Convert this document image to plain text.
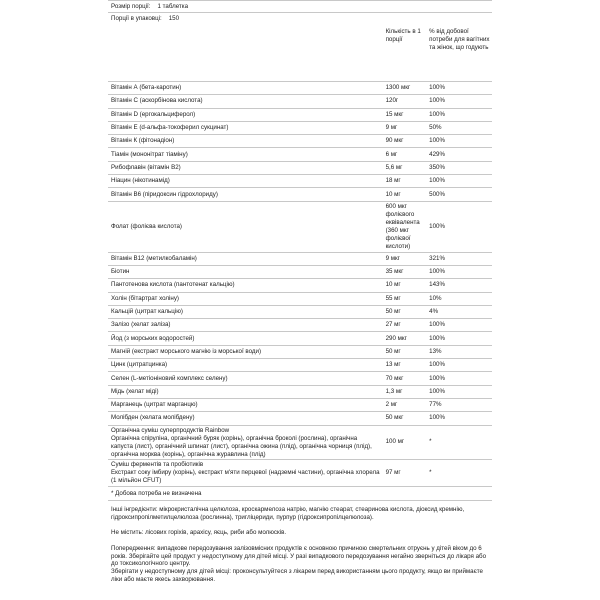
Розмір порції: 1 таблетка
Порції в упаковці: 150
	Кількість в 1 порції	% від добової потреби для вагітних та жінок, що годують
Вітамін А (бета-каротин)	1300 мкг	100%
Вітамін С (аскорбінова кислота)	120г	100%
Вітамін D (ергокальциферол)	15 мкг	100%
Вітамін Е (d-альфа-токоферил сукцинат)	9 мг	50%
Вітамін К (фітонадіон)	90 мкг	100%
Тіамін (мононітрат тіаміну)	6 мг	429%
Рибофлавін (вітамін В2)	5,6 мг	350%
Ніацин (нікотинамід)	18 мг	100%
Вітамін В6 (піридоксин гідрохлориду)	10 мг	500%
Фолат (фолієва кислота)	600 мкг фолієвого еквівалента (360 мкг фолієвої кислоти)	100%
Вітамін В12 (метилкобаламін)	9 мкг	321%
Біотин	35 мкг	100%
Пантотенова кислота (пантотенат кальцію)	10 мг	143%
Холін (бітартрат холіну)	55 мг	10%
Кальцій (цитрат кальцію)	50 мг	4%
Залізо (хелат заліза)	27 мг	100%
Йод (з морських водоростей)	290 мкг	100%
Магній (екстракт морського магнію із морської води)	50 мг	13%
Цинк (цитратцинка)	13 мг	100%
Селен (L-метіоніновий комплекс селену)	70 мкг	100%
Мідь (хелат міді)	1,3 мг	100%
Марганець (цитрат марганцю)	2 мг	77%
Молібден (хелата молібдену)	50 мкг	100%

Органічна суміш суперпродуктів Rainbow
Органічна спіруліна, органічний буряк (корінь), органічна броколі (рослина), органічна капуста (лист), органічний шпинат (лист), органічна ожина (плід), органічна чорниця (плід), органічна морква (корінь), органічна журавлина (плід)	100 мг	*

Суміш ферментів та пробіотиків
Екстракт соку імбиру (корінь), екстракт м'яти перцевої (надземні частини), органічна хлорела (1 мільйон CFUT)	97 мг	*
* Добова потреба не визначена
Інші інгредієнти: мікрокристалічна целюлоза, кроскармелоза натрію, магнію стеарат, стеаринова кислота, діоксид кремнію, гідроксипропілметилцелюлоза (рослинна), тригліцериди, пурпур (гідроксипропілцелюлоза).
Не містить: лісових горіхів, арахісу, яєць, риби або молюсків.
Попередження: випадкове передозування залізовмісних продуктів є основною причиною смертельних отруєнь у дітей віком до 6 років. Зберігайте цей продукт у недоступному для дітей місці. У разі випадкового передозування негайно зверніться до лікаря або до токсикологічного центру.
Зберігати у недоступному для дітей місці: проконсультуйтеся з лікарем перед використанням цього продукту, якщо ви приймаєте ліки або маєте якесь захворювання.
